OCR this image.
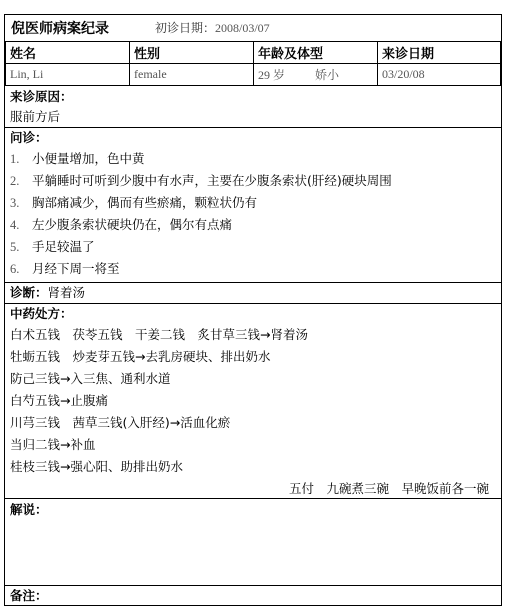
倪医师病案纪录	初诊日期：2008/03/07
姓名	性别	年龄及体型	来诊日期
Lin, Li	female	29 岁 娇小	03/20/08
来诊原因：
服前方后
问诊：
1. 小便量增加，色中黄
2. 平躺睡时可听到少腹中有水声，主要在少腹条索状(肝经)硬块周围
3. 胸部痛减少，偶而有些瘀痛，颗粒状仍有
4. 左少腹条索状硬块仍在，偶尔有点痛
5. 手足较温了
6. 月经下周一将至
诊断：肾着汤
中药处方：
白术五钱　茯苓五钱　干姜二钱　炙甘草三钱→肾着汤
牡蛎五钱　炒麦芽五钱→去乳房硬块、排出奶水
防己三钱→入三焦、通利水道
白芍五钱→止腹痛
川芎三钱　茜草三钱(入肝经)→活血化瘀
当归二钱→补血
桂枝三钱→强心阳、助排出奶水
五付　九碗煮三碗　早晚饭前各一碗
解说：
备注：
